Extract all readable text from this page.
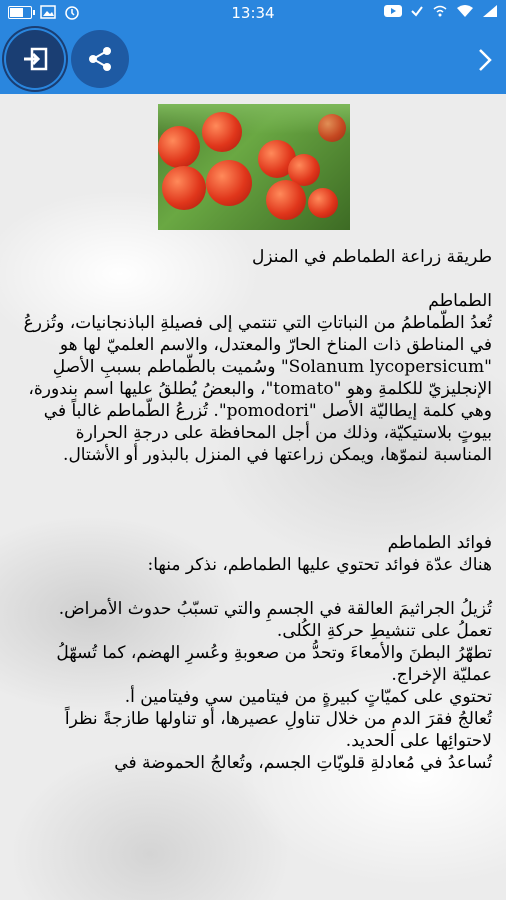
13:34

طريقة زراعة الطماطم في المنزل

الطماطم

تُعدُ الطّماطمُ من النباتاتِ التي تنتمي إلى فصيلةِ الباذنجانيات، وتُزرعُ في المناطق ذات المناخ الحارّ والمعتدل، والاسم العلميّ لها هو "Solanum lycopersicum" وسُميت بالطّماطم بسببِ الأصلِ الإنجليزيّ للكلمةِ وهو "tomato"، والبعضُ يُطلقُ عليها اسم بندورة، وهي كلمة إيطاليّة الأصل "pomodori". تُزرعُ الطّماطم غالباً في بيوتٍ بلاستيكيّة، وذلك من أجل المحافظة على درجةِ الحرارة المناسبة لنموّها، ويمكن زراعتها في المنزل بالبذور أو الأشتال.

فوائد الطماطم

هناك عدّة فوائد تحتوي عليها الطماطم، نذكر منها:

تُزيلُ الجراثيمَ العالقة في الجسمِ والتي تسبّبُ حدوث الأمراض.

تعملُ على تنشيطِ حركةِ الكُلى.

تطهّرُ البطنَ والأمعاءَ وتحدُّ من صعوبةِ وعُسرِ الهضم، كما تُسهّلُ عمليّة الإخراج.

تحتوي على كميّاتٍ كبيرةٍ من فيتامين سي وفيتامين أ.

تُعالجُ فقرَ الدمِ من خلال تناولِ عصيرها، أو تناولها طازجةً نظراً لاحتوائِها على الحديد.

تُساعدُ في مُعادلةِ قلويّاتِ الجسم، وتُعالجُ الحموضة في
